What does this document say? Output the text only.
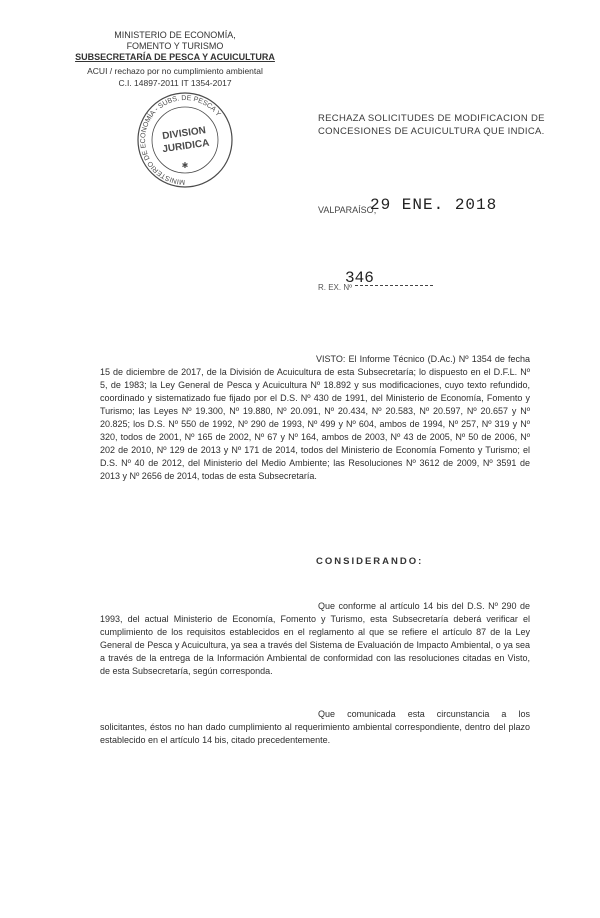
MINISTERIO DE ECONOMÍA,
FOMENTO Y TURISMO
SUBSECRETARÍA DE PESCA Y ACUICULTURA
ACUI / rechazo por no cumplimiento ambiental
C.I. 14897-2011 IT 1354-2017
MINISTERIO DE ECONOMÍA - SUBS. DE PESCA Y
DIVISION
JURIDICA
✱
RECHAZA SOLICITUDES DE MODIFICACION DE CONCESIONES DE ACUICULTURA QUE INDICA.
VALPARAÍSO,
29 ENE. 2018
R. EX. Nº
346
VISTO: El Informe Técnico (D.Ac.) Nº 1354 de fecha 15 de diciembre de 2017, de la División de Acuicultura de esta Subsecretaría; lo dispuesto en el D.F.L. Nº 5, de 1983; la Ley General de Pesca y Acuicultura Nº 18.892 y sus modificaciones, cuyo texto refundido, coordinado y sistematizado fue fijado por el D.S. Nº 430 de 1991, del Ministerio de Economía, Fomento y Turismo; las Leyes Nº 19.300, Nº 19.880, Nº 20.091, Nº 20.434, Nº 20.583, Nº 20.597, Nº 20.657 y Nº 20.825; los D.S. Nº 550 de 1992, Nº 290 de 1993, Nº 499 y Nº 604, ambos de 1994, Nº 257, Nº 319 y Nº 320, todos de 2001, Nº 165 de 2002, Nº 67 y Nº 164, ambos de 2003, Nº 43 de 2005, Nº 50 de 2006, Nº 202 de 2010, Nº 129 de 2013 y Nº 171 de 2014, todos del Ministerio de Economía Fomento y Turismo; el D.S. Nº 40 de 2012, del Ministerio del Medio Ambiente; las Resoluciones Nº 3612 de 2009, Nº 3591 de 2013 y Nº 2656 de 2014, todas de esta Subsecretaría.
CONSIDERANDO:
Que conforme al artículo 14 bis del D.S. Nº 290 de 1993, del actual Ministerio de Economía, Fomento y Turismo, esta Subsecretaría deberá verificar el cumplimiento de los requisitos establecidos en el reglamento al que se refiere el artículo 87 de la Ley General de Pesca y Acuicultura, ya sea a través del Sistema de Evaluación de Impacto Ambiental, o ya sea a través de la entrega de la Información Ambiental de conformidad con las resoluciones citadas en Visto, de esta Subsecretaría, según corresponda.
Que comunicada esta circunstancia a los solicitantes, éstos no han dado cumplimiento al requerimiento ambiental correspondiente, dentro del plazo establecido en el artículo 14 bis, citado precedentemente.
